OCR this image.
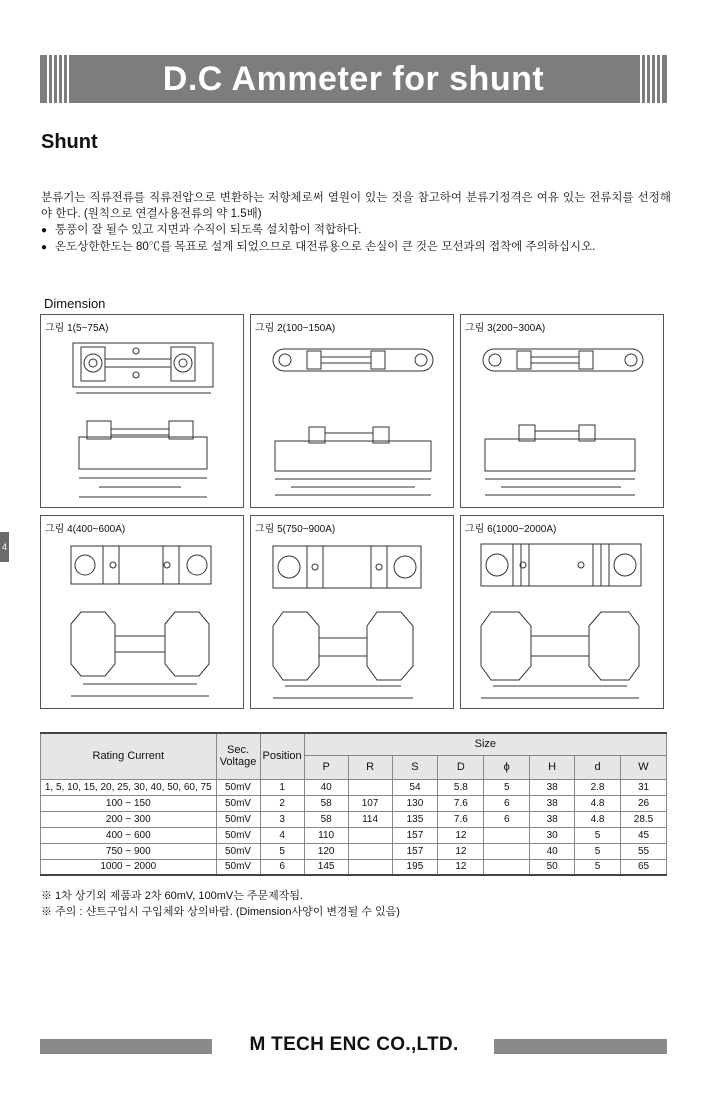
D.C Ammeter for shunt
Shunt

분류기는 직류전류를 직류전압으로 변환하는 저항체로써 열원이 있는 것을 참고하여 분류기정격은 여유 있는 전류치를 선정해야 한다. (원칙으로 연결사용전류의 약 1.5배)

● 통풍이 잘 될수 있고 지면과 수직이 되도록 설치함이 적합하다.
● 온도상한한도는 80℃를 목표로 설계 되었으므로 대전류용으로 손실이 큰 것은 모선과의 접착에 주의하십시오.
Dimension
4
그림 1(5~75A)	그림 2(100~150A)	그림 3(200~300A)
그림 4(400~600A)	그림 5(750~900A)	그림 6(1000~2000A)
Rating Current	Sec. Voltage	Position	Size							
			P	R	S	D	ϕ	H	d	W
1, 5, 10, 15, 20, 25, 30, 40, 50, 60, 75	50mV	1	40		54	5.8	5	38	2.8	31
100 ~ 150	50mV	2	58	107	130	7.6	6	38	4.8	26
200 ~ 300	50mV	3	58	114	135	7.6	6	38	4.8	28.5
400 ~ 600	50mV	4	110		157	12		30	5	45
750 ~ 900	50mV	5	120		157	12		40	5	55
1000 ~ 2000	50mV	6	145		195	12		50	5	65
※ 1차 상기외 제품과 2차 60mV, 100mV는 주문제작됨.
※ 주의 : 샨트구입시 구입체와 상의바람. (Dimension사양이 변경될 수 있음)
M TECH ENC CO.,LTD.
